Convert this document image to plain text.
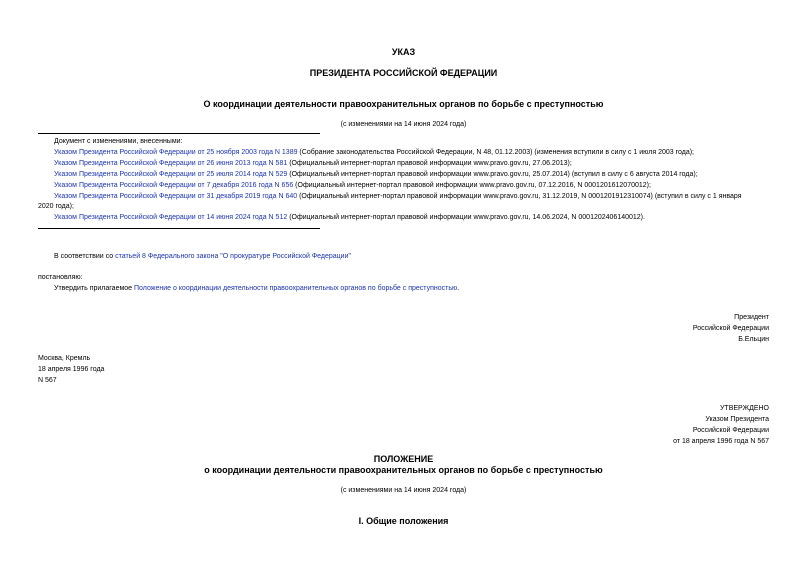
УКАЗ
ПРЕЗИДЕНТА РОССИЙСКОЙ ФЕДЕРАЦИИ
О координации деятельности правоохранительных органов по борьбе с преступностью
(с изменениями на 14 июня 2024 года)
Документ с изменениями, внесенными:
Указом Президента Российской Федерации от 25 ноября 2003 года N 1389 (Собрание законодательства Российской Федерации, N 48, 01.12.2003) (изменения вступили в силу с 1 июля 2003 года);
Указом Президента Российской Федерации от 26 июня 2013 года N 581 (Официальный интернет-портал правовой информации www.pravo.gov.ru, 27.06.2013);
Указом Президента Российской Федерации от 25 июля 2014 года N 529 (Официальный интернет-портал правовой информации www.pravo.gov.ru, 25.07.2014) (вступил в силу с 6 августа 2014 года);
Указом Президента Российской Федерации от 7 декабря 2016 года N 656 (Официальный интернет-портал правовой информации www.pravo.gov.ru, 07.12.2016, N 0001201612070012);
Указом Президента Российской Федерации от 31 декабря 2019 года N 640 (Официальный интернет-портал правовой информации www.pravo.gov.ru, 31.12.2019, N 0001201912310074) (вступил в силу с 1 января
2020 года);
Указом Президента Российской Федерации от 14 июня 2024 года N 512 (Официальный интернет-портал правовой информации www.pravo.gov.ru, 14.06.2024, N 0001202406140012).
В соответствии со статьей 8 Федерального закона "О прокуратуре Российской Федерации"
постановляю:
Утвердить прилагаемое Положение о координации деятельности правоохранительных органов по борьбе с преступностью.
Президент
Российской Федерации
Б.Ельцин
Москва, Кремль
18 апреля 1996 года
N 567
УТВЕРЖДЕНО
Указом Президента
Российской Федерации
от 18 апреля 1996 года N 567
ПОЛОЖЕНИЕ
о координации деятельности правоохранительных органов по борьбе с преступностью
(с изменениями на 14 июня 2024 года)
I. Общие положения
